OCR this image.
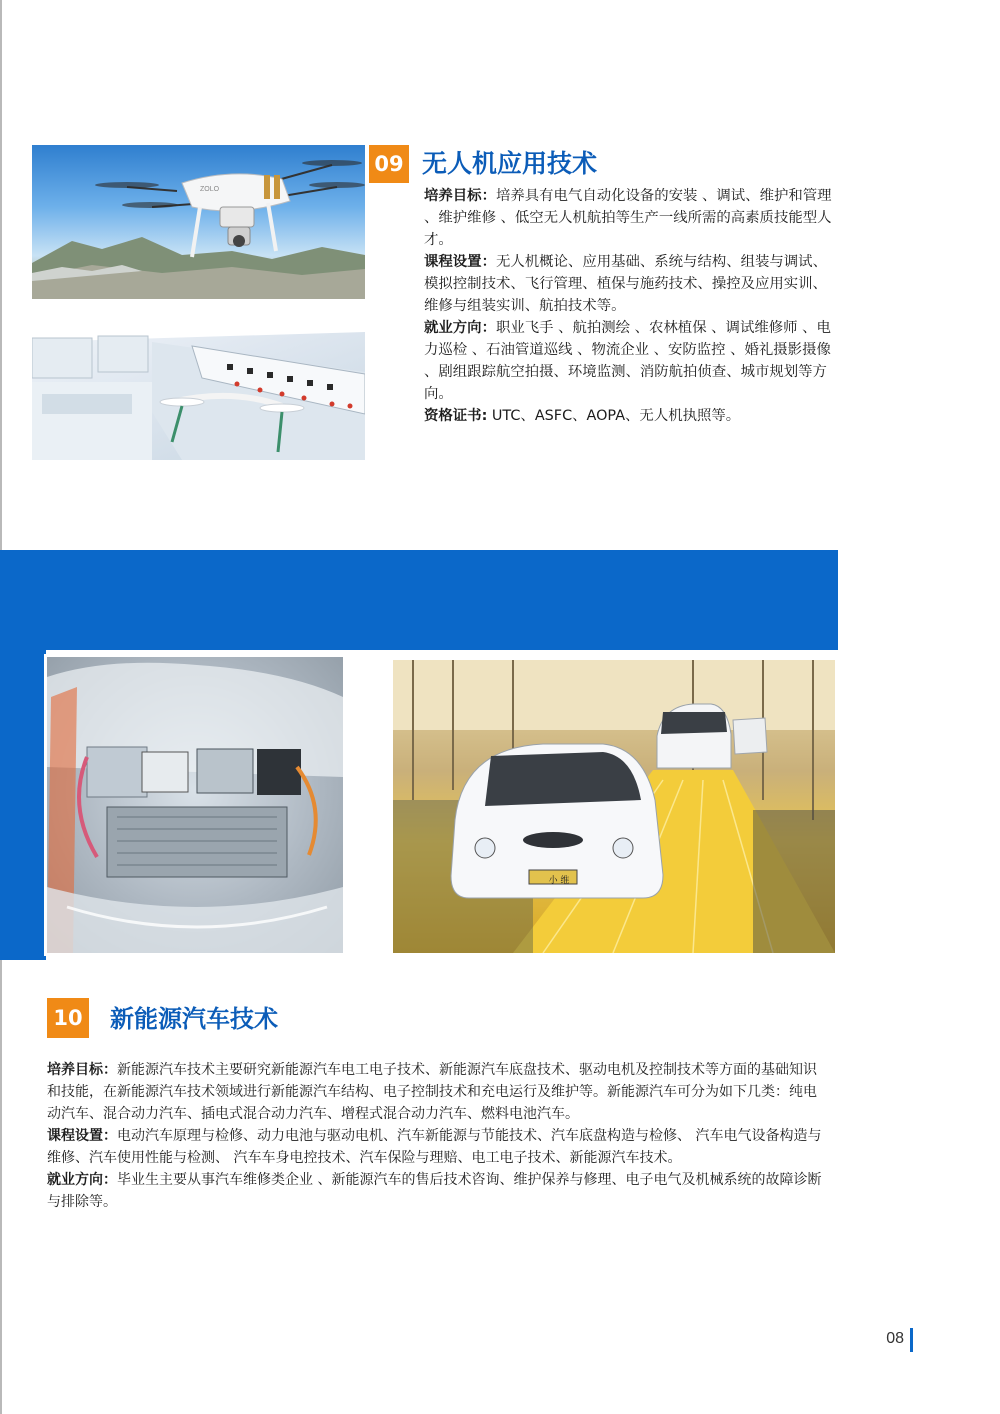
ZOLO
09 无人机应用技术

培养目标：培养具有电气自动化设备的安装 、调试、维护和管理 、维护维修 、低空无人机航拍等生产一线所需的高素质技能型人才。

课程设置：无人机概论、应用基础、系统与结构、组装与调试、模拟控制技术、飞行管理、植保与施药技术、操控及应用实训、维修与组装实训、航拍技术等。

就业方向：职业飞手 、航拍测绘 、农林植保 、调试维修师 、电力巡检 、石油管道巡线 、物流企业 、安防监控 、婚礼摄影摄像 、剧组跟踪航空拍摄、环境监测、消防航拍侦查、城市规划等方向。

资格证书: UTC、ASFC、AOPA、无人机执照等。

小 维
10 新能源汽车技术

培养目标：新能源汽车技术主要研究新能源汽车电工电子技术、新能源汽车底盘技术、驱动电机及控制技术等方面的基础知识和技能，在新能源汽车技术领域进行新能源汽车结构、电子控制技术和充电运行及维护等。新能源汽车可分为如下几类：纯电动汽车、混合动力汽车、插电式混合动力汽车、增程式混合动力汽车、燃料电池汽车。

课程设置：电动汽车原理与检修、动力电池与驱动电机、汽车新能源与节能技术、汽车底盘构造与检修、 汽车电气设备构造与维修、汽车使用性能与检测、 汽车车身电控技术、汽车保险与理赔、电工电子技术、新能源汽车技术。

就业方向：毕业生主要从事汽车维修类企业 、新能源汽车的售后技术咨询、维护保养与修理、电子电气及机械系统的故障诊断与排除等。

08
